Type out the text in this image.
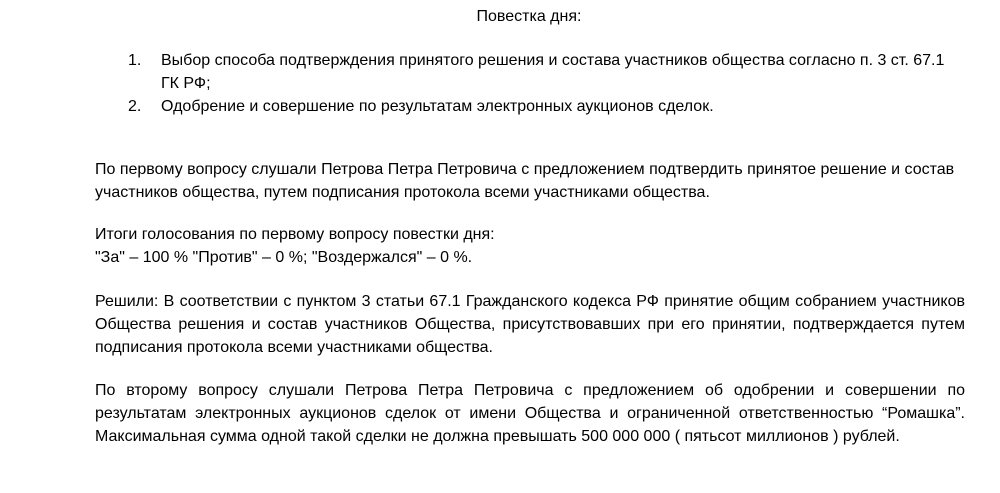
Повестка дня:
1. Выбор способа подтверждения принятого решения и состава участников общества согласно п. 3 ст. 67.1 ГК РФ;
2. Одобрение и совершение по результатам электронных аукционов сделок.

По первому вопросу слушали Петрова Петра Петровича с предложением подтвердить принятое решение и состав участников общества, путем подписания протокола всеми участниками общества.

Итоги голосования по первому вопросу повестки дня:
"За" – 100 % "Против" – 0 %; "Воздержался" – 0 %.

Решили: В соответствии с пунктом 3 статьи 67.1 Гражданского кодекса РФ принятие общим собранием участников Общества решения и состав участников Общества, присутствовавших при его принятии, подтверждается путем подписания протокола всеми участниками общества.

По второму вопросу слушали Петрова Петра Петровича с предложением об одобрении и совершении по результатам электронных аукционов сделок от имени Общества и ограниченной ответственностью “Ромашка”. Максимальная сумма одной такой сделки не должна превышать 500 000 000 ( пятьсот миллионов ) рублей.
